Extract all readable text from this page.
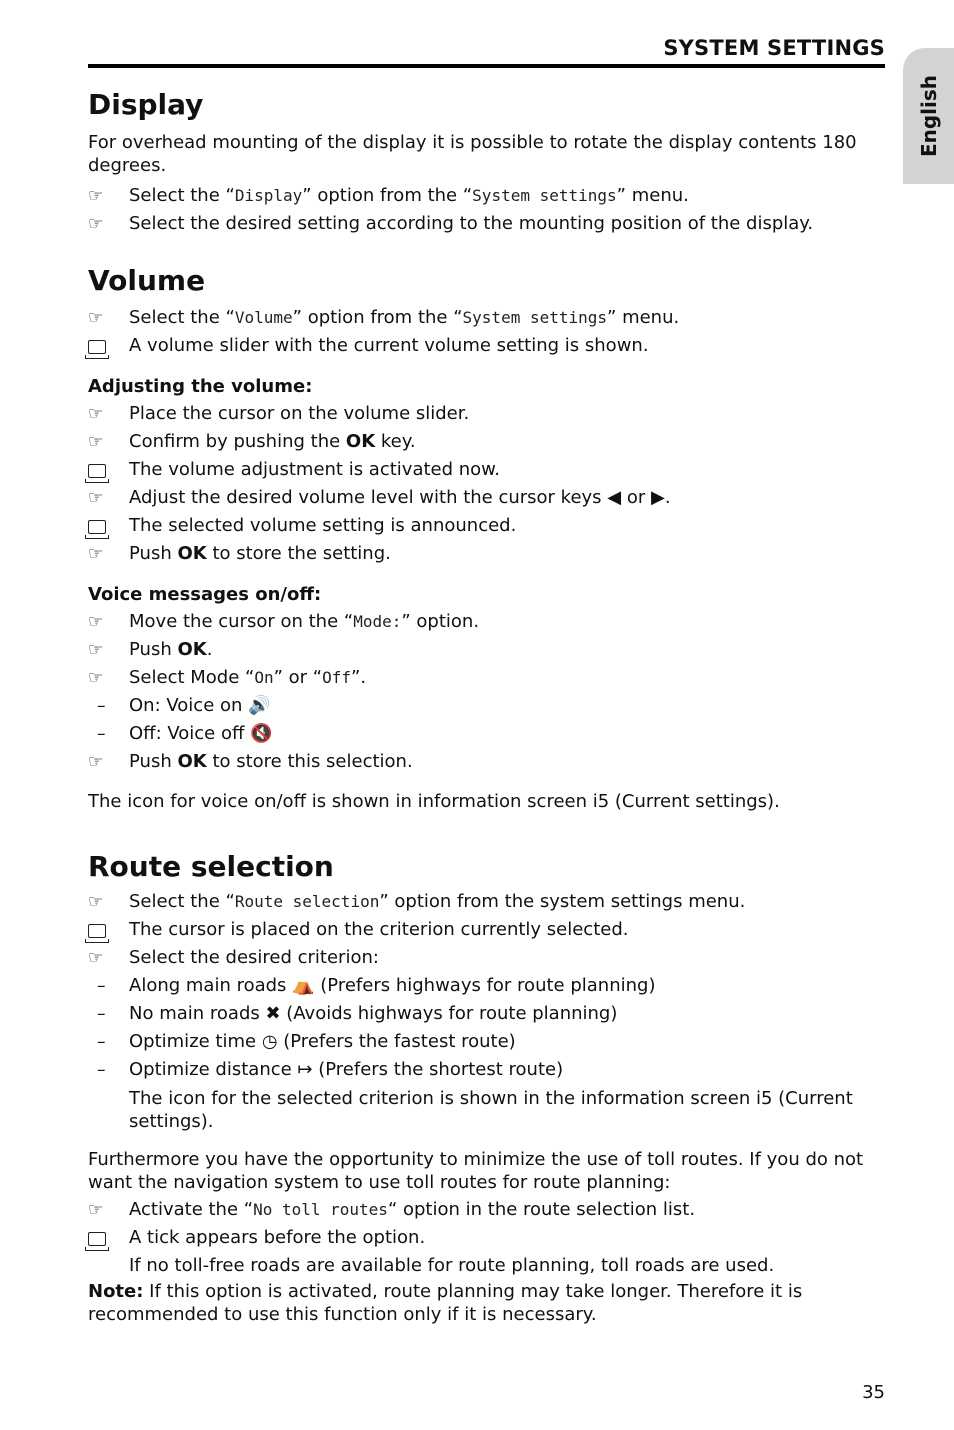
SYSTEM SETTINGS
English
Display

For overhead mounting of the display it is possible to rotate the display contents 180 degrees.

☞	Select the “Display” option from the “System settings” menu.
☞	Select the desired setting according to the mounting position of the display.
Volume
☞	Select the “Volume” option from the “System settings” menu.
A volume slider with the current volume setting is shown.
Adjusting the volume:
☞	Place the cursor on the volume slider.
☞	Confirm by pushing the OK key.
The volume adjustment is activated now.
☞	Adjust the desired volume level with the cursor keys ◀ or ▶.
The selected volume setting is announced.
☞	Push OK to store the setting.
Voice messages on/off:
☞	Move the cursor on the “Mode:” option.
☞	Push OK.
☞	Select Mode “On” or “Off”.
–	On: Voice on 🔊
–	Off: Voice off 🔇
☞	Push OK to store this selection.

The icon for voice on/off is shown in information screen i5 (Current settings).

Route selection
☞	Select the “Route selection” option from the system settings menu.
The cursor is placed on the criterion currently selected.
☞	Select the desired criterion:
–	Along main roads ⛺ (Prefers highways for route planning)
–	No main roads ✖ (Avoids highways for route planning)
–	Optimize time ◷ (Prefers the fastest route)
–	Optimize distance ↦ (Prefers the shortest route)

The icon for the selected criterion is shown in the information screen i5 (Current settings).

Furthermore you have the opportunity to minimize the use of toll routes. If you do not want the navigation system to use toll routes for route planning:

☞	Activate the “No toll routes“ option in the route selection list.
A tick appears before the option.
If no toll-free roads are available for route planning, toll roads are used.

Note: If this option is activated, route planning may take longer. Therefore it is recommended to use this function only if it is necessary.

35
